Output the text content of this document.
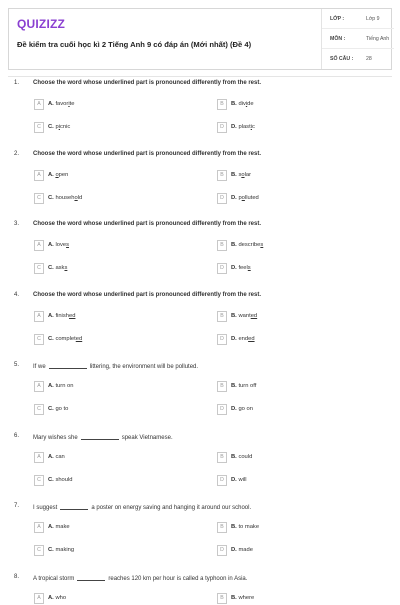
QUIZIZZ
Đề kiểm tra cuối học kì 2 Tiếng Anh 9 có đáp án (Mới nhất) (Đề 4)
LỚP :	Lớp 9
MÔN :	Tiếng Anh
SỐ CÂU : 28
1. Choose the word whose underlined part is pronounced differently from the rest.
A	A. favorite	B	B. divide
C	C. picnic	D	D. plastic
2. Choose the word whose underlined part is pronounced differently from the rest.
A	A. open	B	B. solar
C	C. household	D	D. polluted
3. Choose the word whose underlined part is pronounced differently from the rest.
A	A. loves	B	B. describes
C	C. asks	D	D. feels
4. Choose the word whose underlined part is pronounced differently from the rest.
A	A. finished	B	B. wanted
C	C. completed	D	D. ended
5. If we	littering, the environment will be polluted.
A	A. turn on	B	B. turn off
C	C. go to	D	D. go on
6. Mary wishes she	speak Vietnamese.
A	A. can	B	B. could
C	C. should	D	D. will
7. I suggest	a poster on energy saving and hanging it around our school.
A	A. make	B	B. to make
C	C. making	D	D. made
8. A tropical storm	reaches 120 km per hour is called a typhoon in Asia.
A	A. who	B	B. where
